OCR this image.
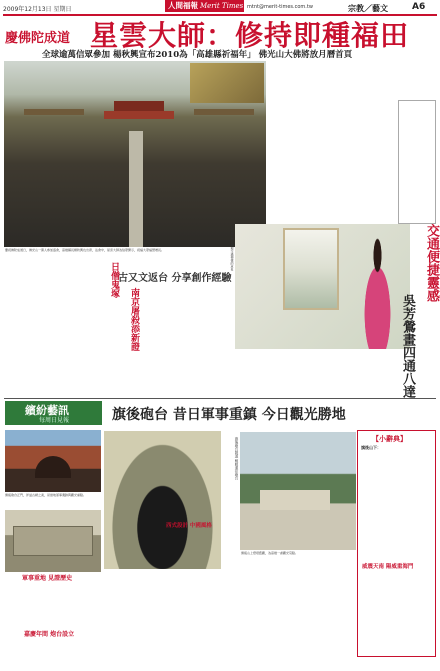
2009年12月13日 星期日	mtnt@merit-times.com.tw	宗教／藝文	A6
人間福報 Merit Times
慶佛陀成道 星雲大師：修持即種福田
全球逾萬信眾參加 楊秋興宣布2010為「高雄縣祈福年」 佛光山大佛將放月曆首頁
慶祝佛陀成道日，佛光山一萬人參加盛會，高雄縣長楊秋興也出席，法會中，星雲大師為信眾開示，祝福大眾福慧增長。	吳芳鶯以畫作展現交通便捷的意象	交通便捷靈感
吳芳鶯畫四通八達
古又文返台 分享創作經驗
日僧鬼塚
南京屠殺添新證
繽紛藝訊
每周日見報	旗後砲台 昔日軍事重鎮 今日觀光勝地
旗後砲台正門，洋溢古樸之美，是當地軍事遺跡與觀光重點。
軍事重地 見證歷史
嘉慶年間 炮台設立
旗後砲台隧道 蜿蜒通往砲台
西式設計 中國風格
旗後山上燈塔舊觀，為高雄一處觀光景點。
【小辭典】
旗後山下：
威震天南 陽威重海門
